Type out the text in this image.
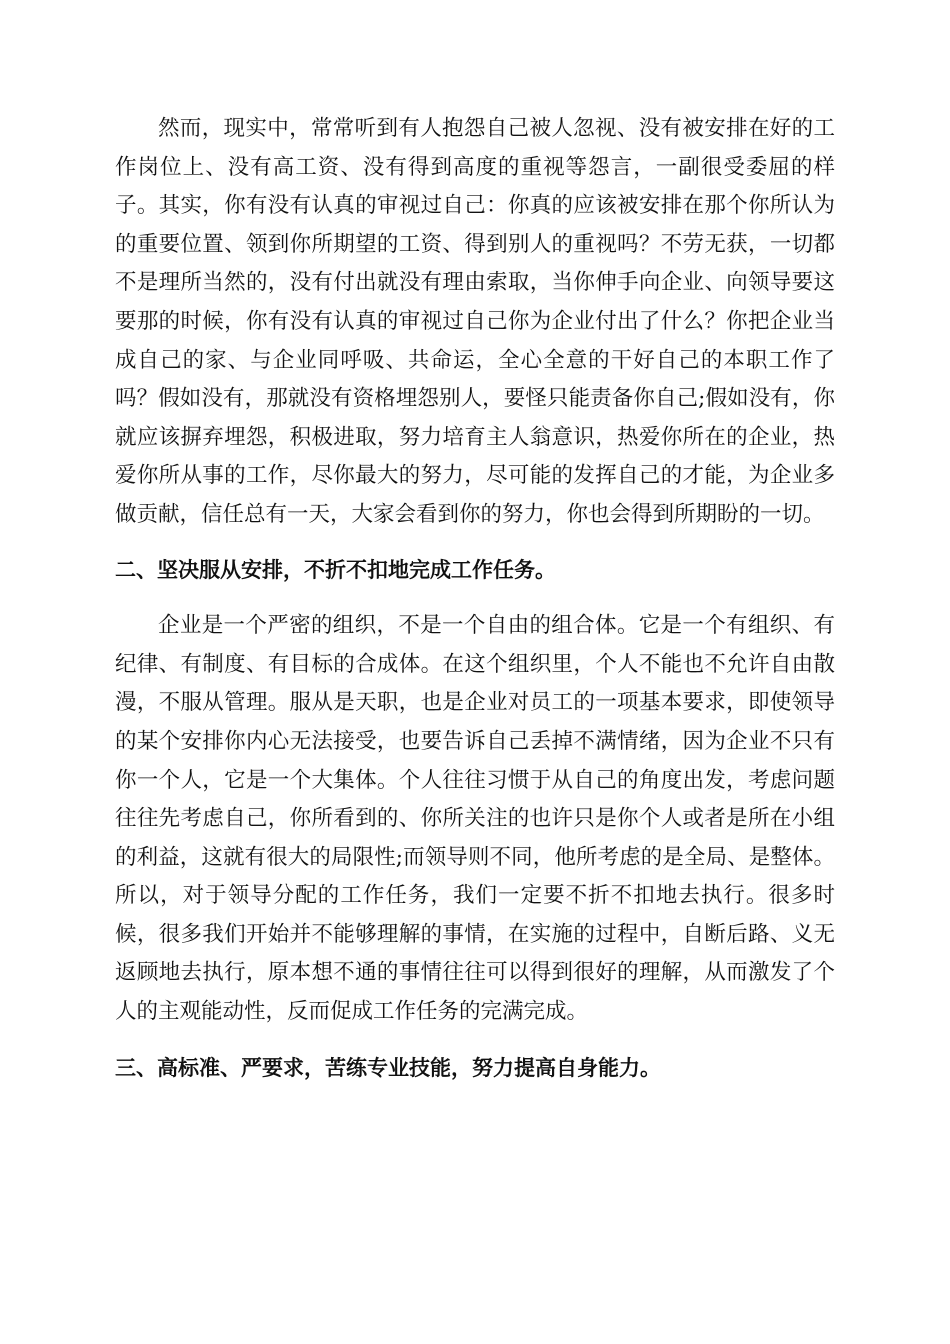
然而，现实中，常常听到有人抱怨自己被人忽视、没有被安排在好的工作岗位上、没有高工资、没有得到高度的重视等怨言，一副很受委屈的样子。其实，你有没有认真的审视过自己：你真的应该被安排在那个你所认为的重要位置、领到你所期望的工资、得到别人的重视吗？不劳无获，一切都不是理所当然的，没有付出就没有理由索取，当你伸手向企业、向领导要这要那的时候，你有没有认真的审视过自己你为企业付出了什么？你把企业当成自己的家、与企业同呼吸、共命运，全心全意的干好自己的本职工作了吗？假如没有，那就没有资格埋怨别人，要怪只能责备你自己;假如没有，你就应该摒弃埋怨，积极进取，努力培育主人翁意识，热爱你所在的企业，热爱你所从事的工作，尽你最大的努力，尽可能的发挥自己的才能，为企业多做贡献，信任总有一天，大家会看到你的努力，你也会得到所期盼的一切。

二、坚决服从安排，不折不扣地完成工作任务。

企业是一个严密的组织，不是一个自由的组合体。它是一个有组织、有纪律、有制度、有目标的合成体。在这个组织里，个人不能也不允许自由散漫，不服从管理。服从是天职，也是企业对员工的一项基本要求，即使领导的某个安排你内心无法接受，也要告诉自己丢掉不满情绪，因为企业不只有你一个人，它是一个大集体。个人往往习惯于从自己的角度出发，考虑问题往往先考虑自己，你所看到的、你所关注的也许只是你个人或者是所在小组的利益，这就有很大的局限性;而领导则不同，他所考虑的是全局、是整体。所以，对于领导分配的工作任务，我们一定要不折不扣地去执行。很多时候，很多我们开始并不能够理解的事情，在实施的过程中，自断后路、义无返顾地去执行，原本想不通的事情往往可以得到很好的理解，从而激发了个人的主观能动性，反而促成工作任务的完满完成。

三、高标准、严要求，苦练专业技能，努力提高自身能力。
